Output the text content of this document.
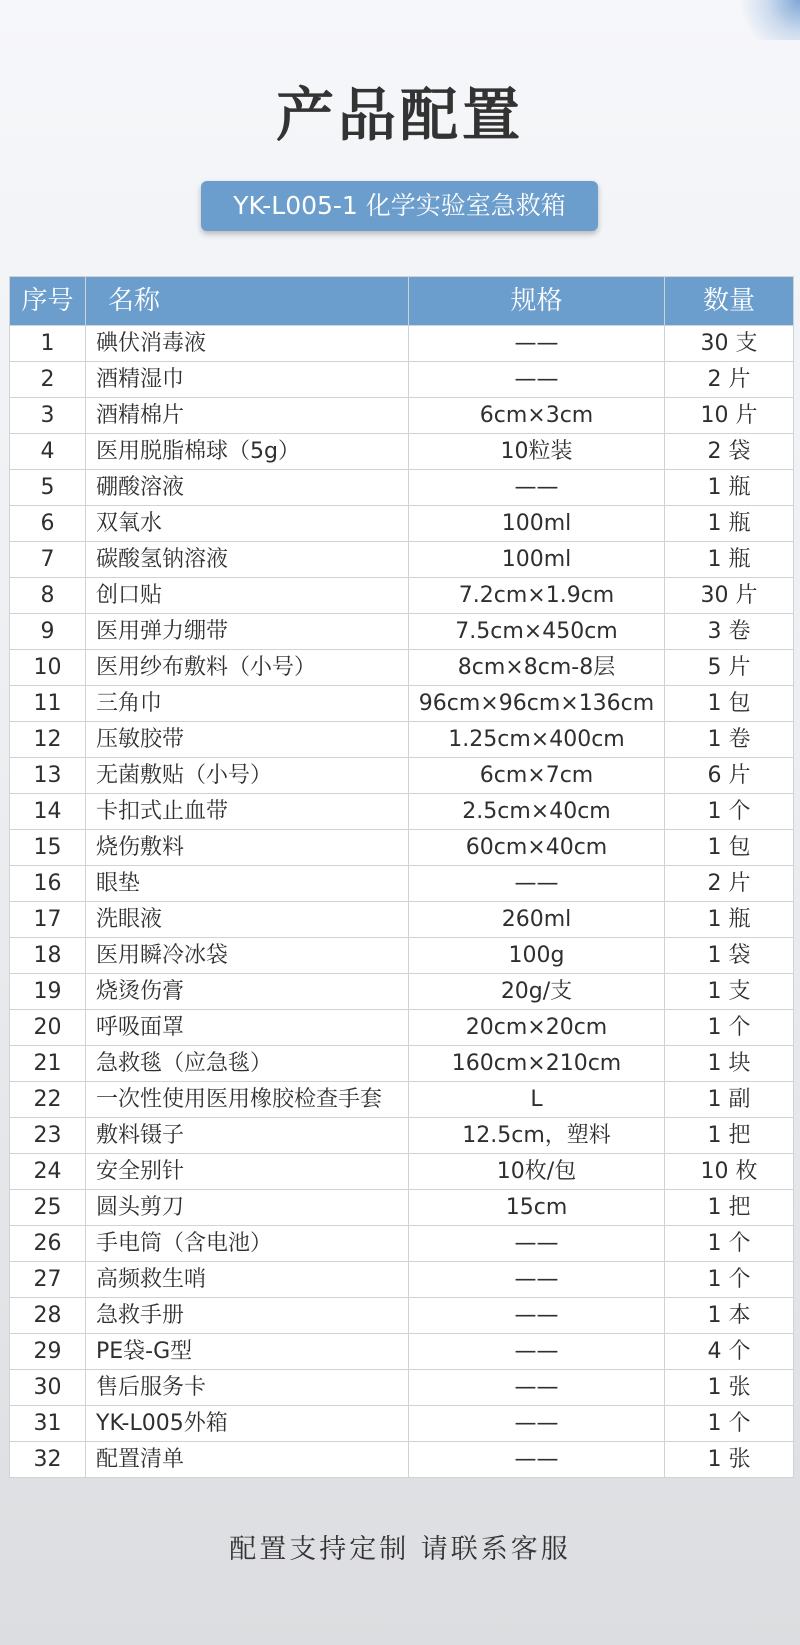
产品配置
YK-L005-1 化学实验室急救箱
序号	名称	规格	数量
1	碘伏消毒液	——	30 支
2	酒精湿巾	——	2 片
3	酒精棉片	6cm×3cm	10 片
4	医用脱脂棉球（5g）	10粒装	2 袋
5	硼酸溶液	——	1 瓶
6	双氧水	100ml	1 瓶
7	碳酸氢钠溶液	100ml	1 瓶
8	创口贴	7.2cm×1.9cm	30 片
9	医用弹力绷带	7.5cm×450cm	3 卷
10	医用纱布敷料（小号）	8cm×8cm-8层	5 片
11	三角巾	96cm×96cm×136cm	1 包
12	压敏胶带	1.25cm×400cm	1 卷
13	无菌敷贴（小号）	6cm×7cm	6 片
14	卡扣式止血带	2.5cm×40cm	1 个
15	烧伤敷料	60cm×40cm	1 包
16	眼垫	——	2 片
17	洗眼液	260ml	1 瓶
18	医用瞬冷冰袋	100g	1 袋
19	烧烫伤膏	20g/支	1 支
20	呼吸面罩	20cm×20cm	1 个
21	急救毯（应急毯）	160cm×210cm	1 块
22	一次性使用医用橡胶检查手套	L	1 副
23	敷料镊子	12.5cm，塑料	1 把
24	安全别针	10枚/包	10 枚
25	圆头剪刀	15cm	1 把
26	手电筒（含电池）	——	1 个
27	高频救生哨	——	1 个
28	急救手册	——	1 本
29	PE袋-G型	——	4 个
30	售后服务卡	——	1 张
31	YK-L005外箱	——	1 个
32	配置清单	——	1 张
配置支持定制 请联系客服
